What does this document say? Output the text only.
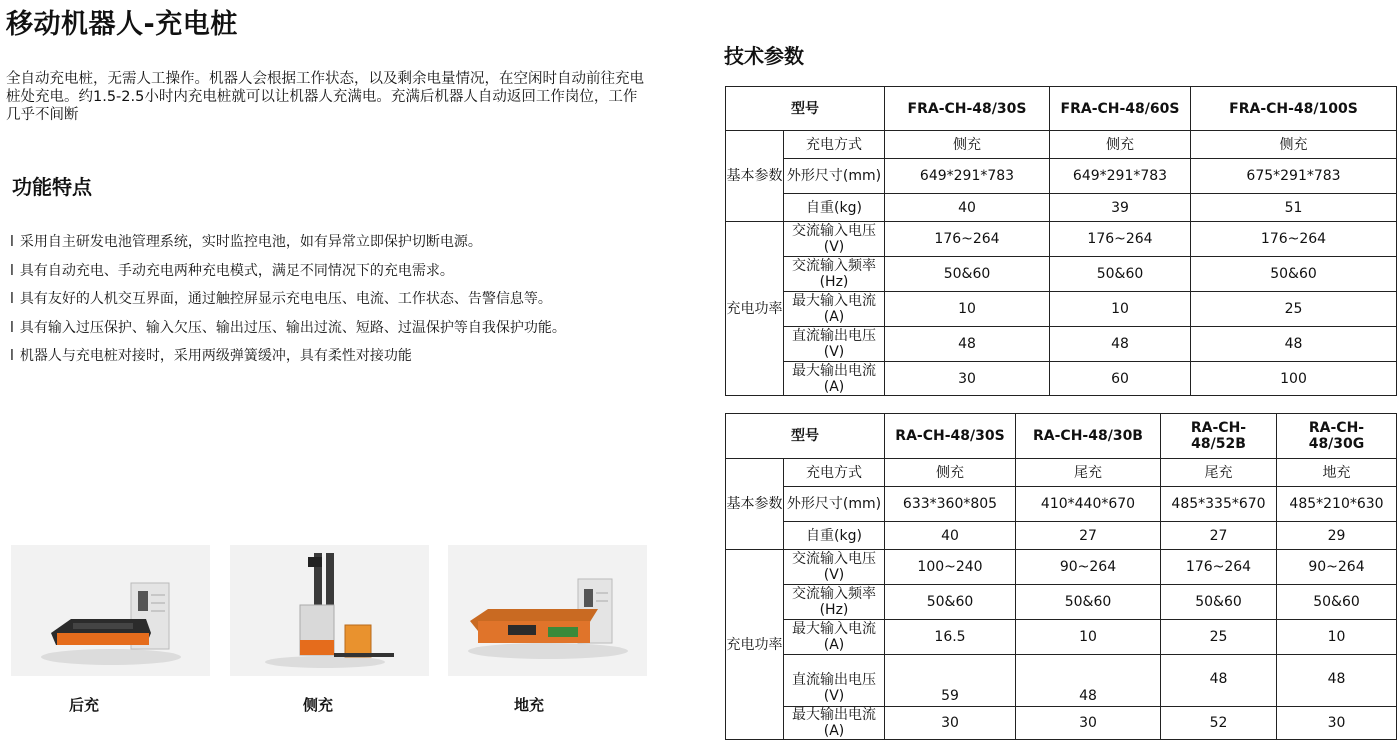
移动机器人-充电桩
全自动充电桩，无需人工操作。机器人会根据工作状态，以及剩余电量情况，在空闲时自动前往充电桩处充电。约1.5-2.5小时内充电桩就可以让机器人充满电。充满后机器人自动返回工作岗位，工作几乎不间断
功能特点
l 采用自主研发电池管理系统，实时监控电池，如有异常立即保护切断电源。
l 具有自动充电、手动充电两种充电模式，满足不同情况下的充电需求。
l 具有友好的人机交互界面，通过触控屏显示充电电压、电流、工作状态、告警信息等。
l 具有输入过压保护、输入欠压、输出过压、输出过流、短路、过温保护等自我保护功能。
l 机器人与充电桩对接时，采用两级弹簧缓冲，具有柔性对接功能
后充	侧充	地充
技术参数
型号		FRA-CH-48/30S	FRA-CH-48/60S	FRA-CH-48/100S
基本参数	充电方式	侧充	侧充	侧充
	外形尺寸(mm)	649*291*783	649*291*783	675*291*783
	自重(kg)	40	39	51
充电功率	交流输入电压(V)	176~264	176~264	176~264
	交流输入频率(Hz)	50&60	50&60	50&60
	最大输入电流(A)	10	10	25
	直流输出电压(V)	48	48	48
	最大输出电流(A)	30	60	100
型号		RA-CH-48/30S	RA-CH-48/30B	RA-CH-48/52B	RA-CH-48/30G
基本参数	充电方式	侧充	尾充	尾充	地充
	外形尺寸(mm)	633*360*805	410*440*670	485*335*670	485*210*630
	自重(kg)	40	27	27	29
充电功率	交流输入电压(V)	100~240	90~264	176~264	90~264
	交流输入频率(Hz)	50&60	50&60	50&60	50&60
	最大输入电流(A)	16.5	10	25	10
	直流输出电压(V)	59	48	48	48
	最大输出电流(A)	30	30	52	30
